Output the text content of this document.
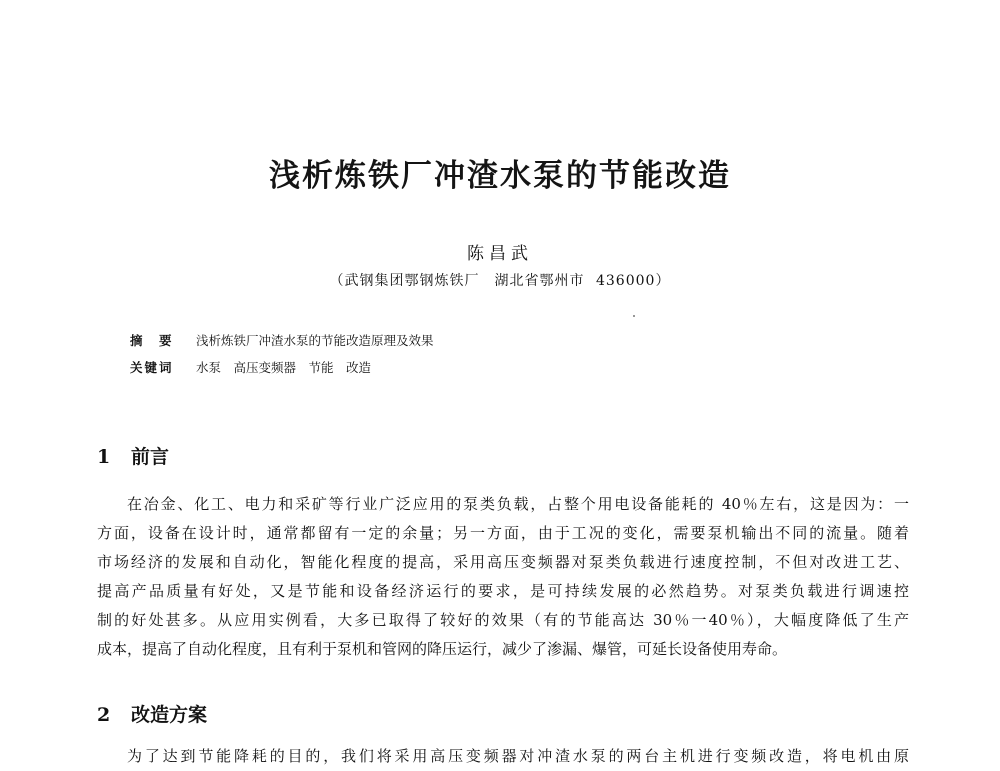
浅析炼铁厂冲渣水泵的节能改造
陈昌武
（武钢集团鄂钢炼铁厂　湖北省鄂州市 436000）
摘　要	浅析炼铁厂冲渣水泵的节能改造原理及效果
关键词	水泵　高压变频器　节能　改造
1 前言
在冶金、化工、电力和采矿等行业广泛应用的泵类负载，占整个用电设备能耗的 40％左右，这是因为：一
方面，设备在设计时，通常都留有一定的余量；另一方面，由于工况的变化，需要泵机输出不同的流量。随着
市场经济的发展和自动化，智能化程度的提高，采用高压变频器对泵类负载进行速度控制，不但对改进工艺、
提高产品质量有好处，又是节能和设备经济运行的要求，是可持续发展的必然趋势。对泵类负载进行调速控
制的好处甚多。从应用实例看，大多已取得了较好的效果（有的节能高达 30％一40％），大幅度降低了生产
成本，提高了自动化程度，且有利于泵机和管网的降压运行，减少了渗漏、爆管，可延长设备使用寿命。
2 改造方案
为了达到节能降耗的目的，我们将采用高压变频器对冲渣水泵的两台主机进行变频改造，将电机由原
